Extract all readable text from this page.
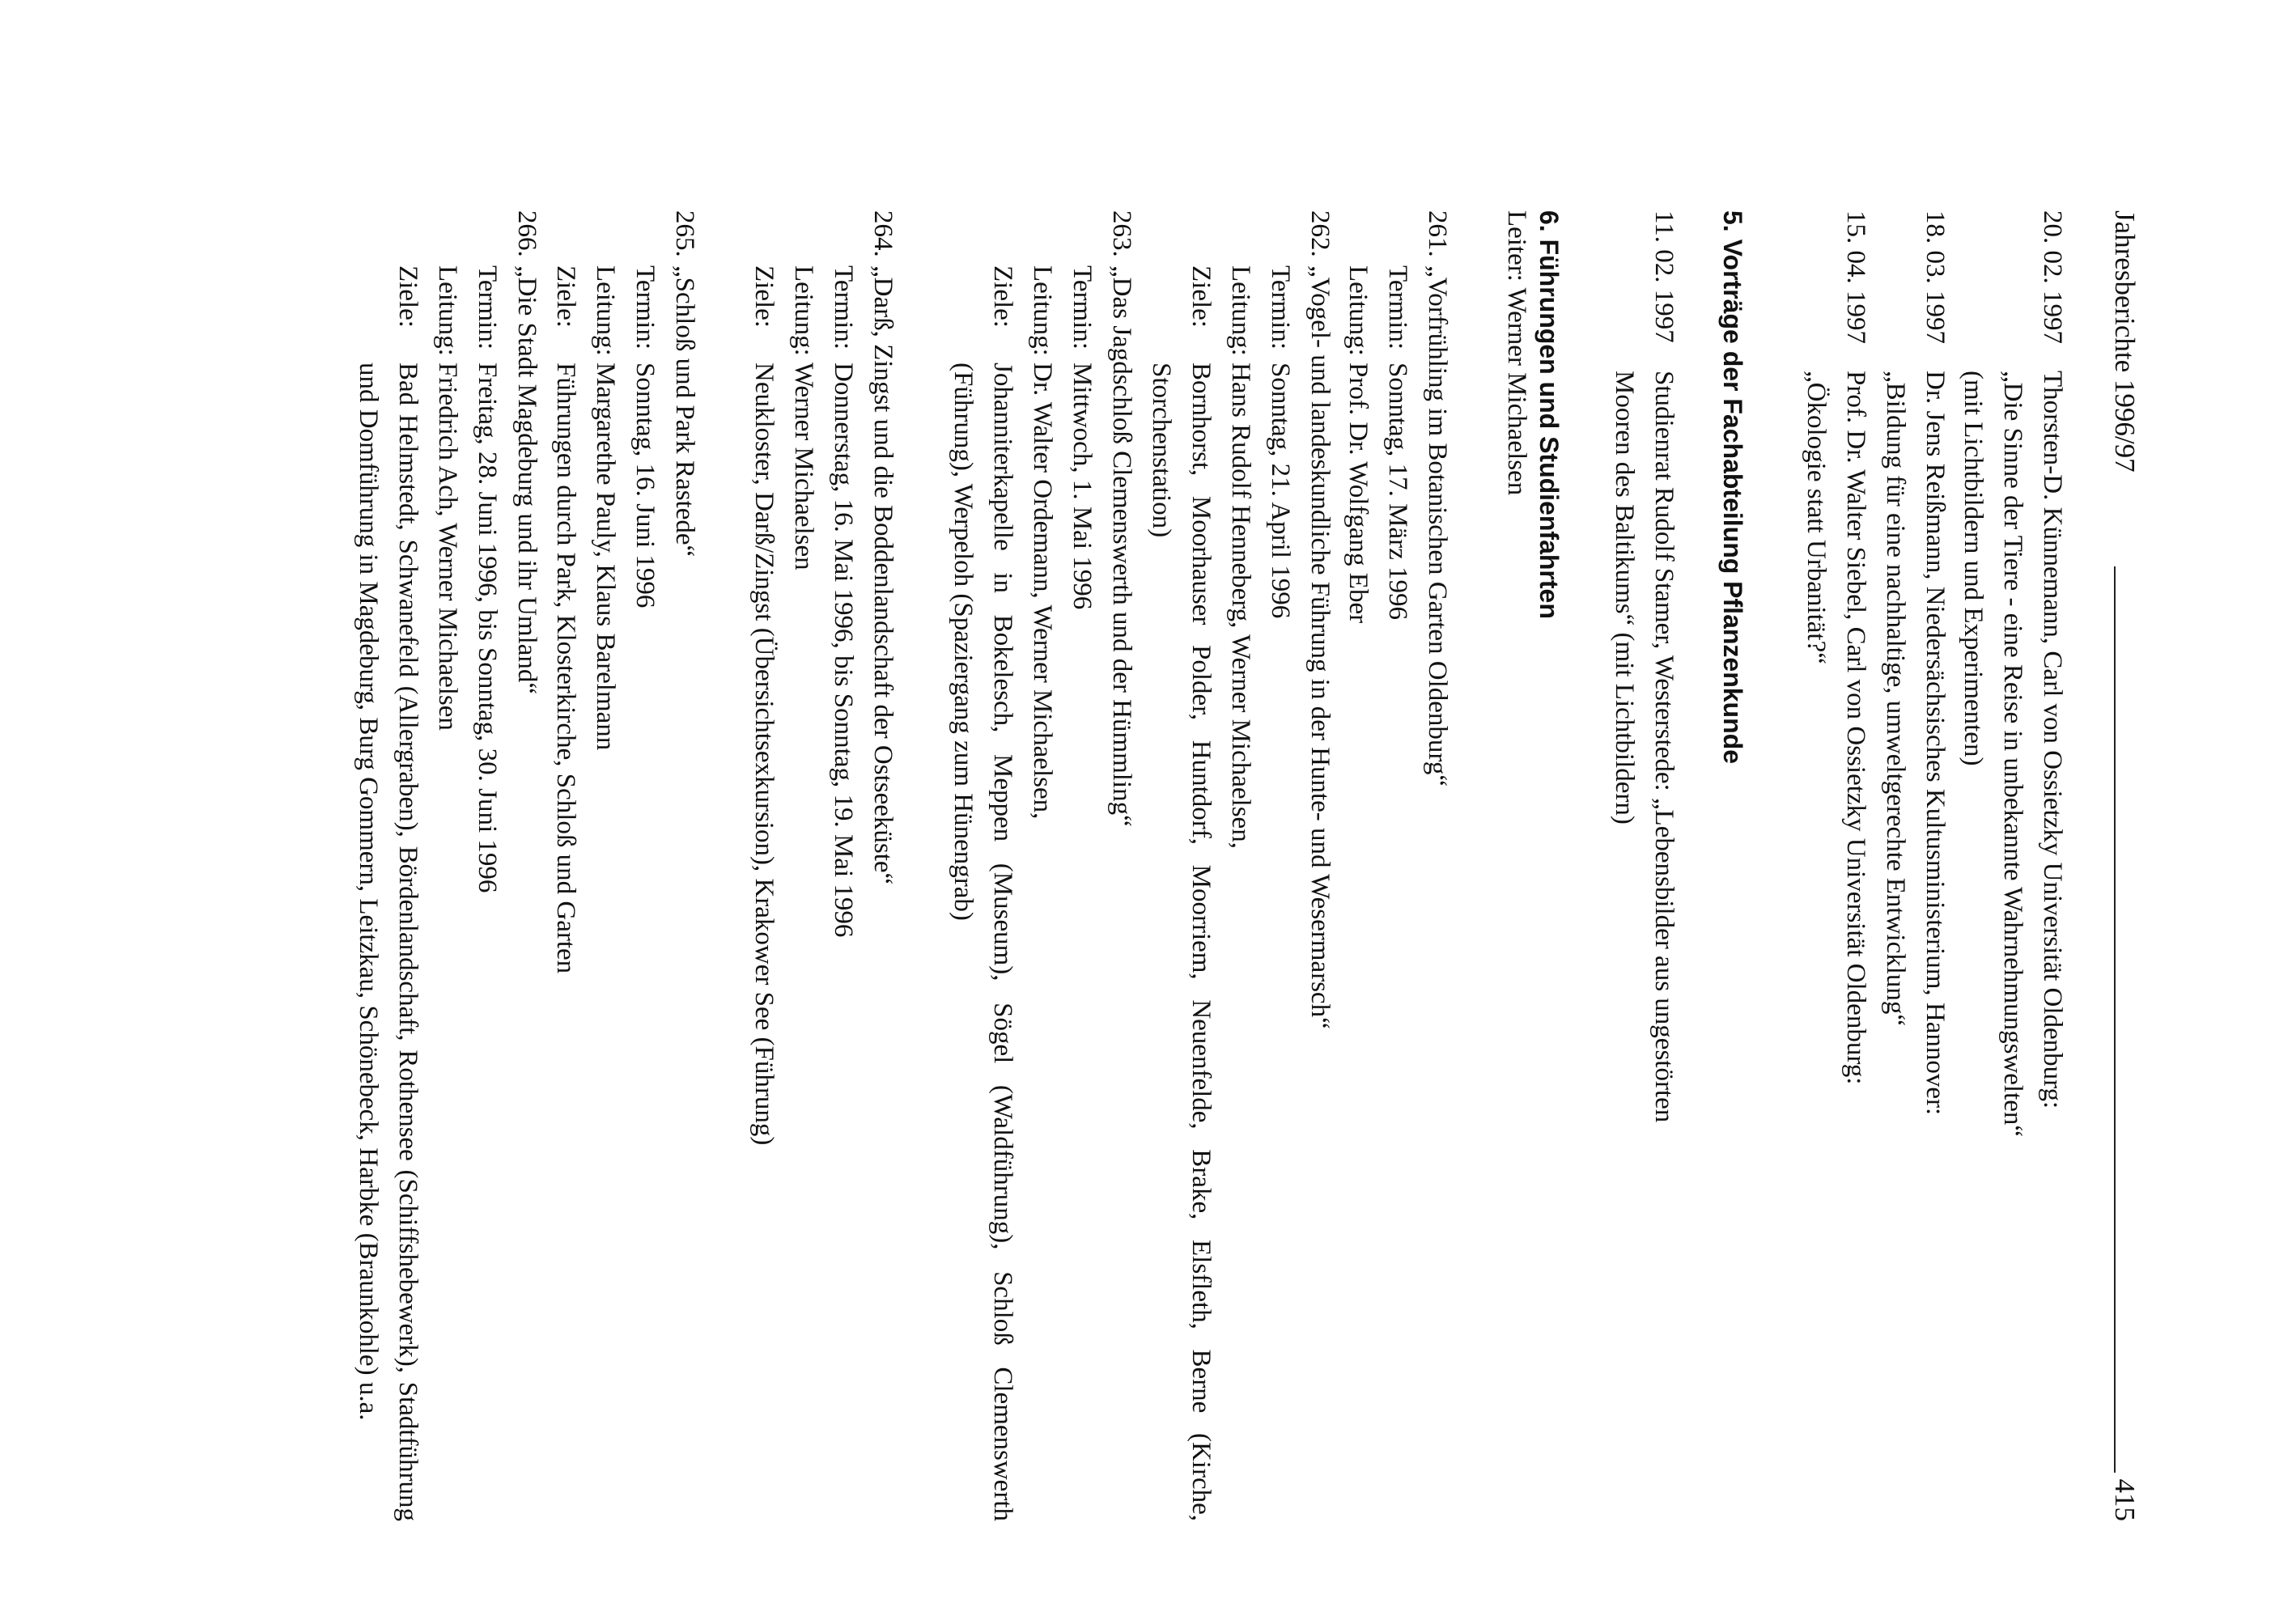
Jahresberichte 1996/97
415
20. 02. 1997
Thorsten-D. Künnemann, Carl von Ossietzky Universität Oldenburg:
„Die Sinne der Tiere - eine Reise in unbekannte Wahrnehmungswelten“
(mit Lichtbildern und Experimenten)
18. 03. 1997
Dr. Jens Reißmann, Niedersächsisches Kultusministerium, Hannover:
„Bildung für eine nachhaltige, umweltgerechte Entwicklung“
15. 04. 1997
Prof. Dr. Walter Siebel, Carl von Ossietzky Universität Oldenburg:
„Ökologie statt Urbanität?“
5. Vorträge der Fachabteilung Pflanzenkunde
11. 02. 1997
Studienrat Rudolf Stamer, Westerstede: „Lebensbilder aus ungestörten
Mooren des Baltikums“ (mit Lichtbildern)
6. Führungen und Studienfahrten
Leiter: Werner Michaelsen
261.
„Vorfrühling im Botanischen Garten Oldenburg“
Termin:
Sonntag, 17. März 1996
Leitung:
Prof. Dr. Wolfgang Eber
262.
„Vogel- und landeskundliche Führung in der Hunte- und Wesermarsch“
Termin:
Sonntag, 21. April 1996
Leitung:
Hans Rudolf Henneberg, Werner Michaelsen,
Ziele:
Bornhorst, Moorhauser Polder, Huntdorf, Moorriem, Neuenfelde, Brake, Elsfleth, Berne (Kirche, Storchenstation)
263.
„Das Jagdschloß Clemenswerth und der Hümmling“
Termin:
Mittwoch, 1. Mai 1996
Leitung:
Dr. Walter Ordemann, Werner Michaelsen,
Ziele:
Johanniterkapelle in Bokelesch, Meppen (Museum), Sögel (Waldführung), Schloß Clemenswerth (Führung), Werpeloh (Spaziergang zum Hünengrab)
264.
„Darß, Zingst und die Boddenlandschaft der Ostseeküste“
Termin:
Donnerstag, 16. Mai 1996, bis Sonntag, 19. Mai 1996
Leitung:
Werner Michaelsen
Ziele:
Neukloster, Darß/Zingst (Übersichtsexkursion), Krakower See (Führung)
265.
„Schloß und Park Rastede“
Termin:
Sonntag, 16. Juni 1996
Leitung:
Margarethe Pauly, Klaus Barelmann
Ziele:
Führungen durch Park, Klosterkirche, Schloß und Garten
266.
„Die Stadt Magdeburg und ihr Umland“
Termin:
Freitag, 28. Juni 1996, bis Sonntag, 30. Juni 1996
Leitung:
Friedrich Ach, Werner Michaelsen
Ziele:
Bad Helmstedt, Schwanefeld (Allergraben), Bördenlandschaft, Rothensee (Schiffshebewerk), Stadtführung und Domführung in Magdeburg, Burg Gommern, Leitzkau, Schönebeck, Harbke (Braunkohle) u.a.
